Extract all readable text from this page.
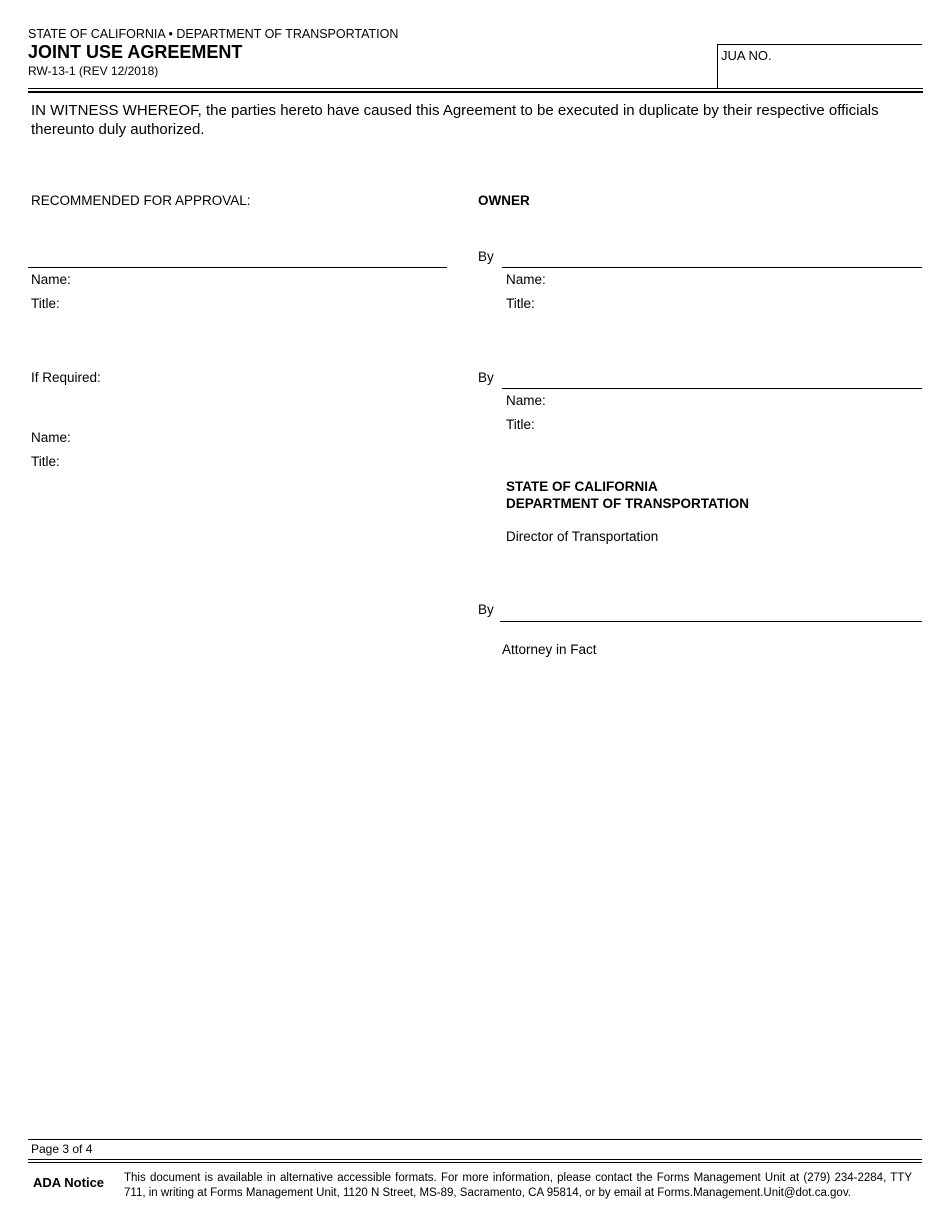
STATE OF CALIFORNIA • DEPARTMENT OF TRANSPORTATION
JOINT USE AGREEMENT
RW-13-1 (REV 12/2018)
JUA NO.
IN WITNESS WHEREOF, the parties hereto have caused this Agreement to be executed in duplicate by their respective officials thereunto duly authorized.
RECOMMENDED FOR APPROVAL:
Name:
Title:
If Required:
Name:
Title:
OWNER
By
Name:
Title:
By
Name:
Title:
STATE OF CALIFORNIA
DEPARTMENT OF TRANSPORTATION
Director of Transportation
By
Attorney in Fact
Page 3 of 4
ADA Notice This document is available in alternative accessible formats. For more information, please contact the Forms Management Unit at (279) 234-2284, TTY 711, in writing at Forms Management Unit, 1120 N Street, MS-89, Sacramento, CA 95814, or by email at Forms.Management.Unit@dot.ca.gov.
